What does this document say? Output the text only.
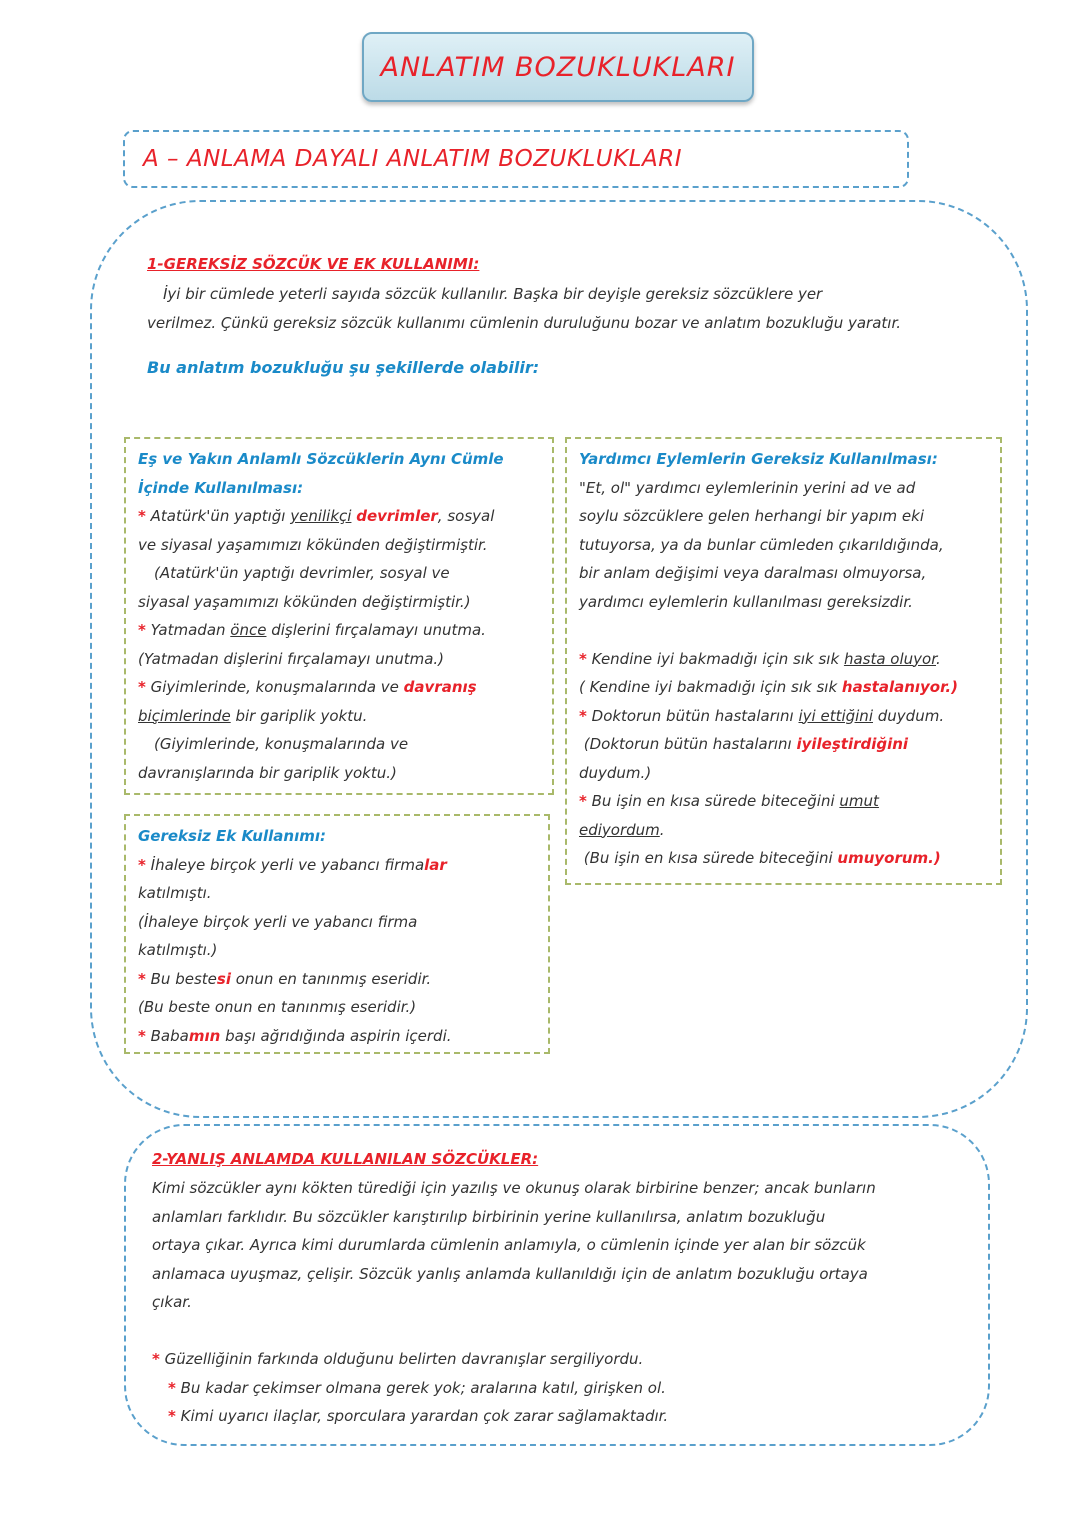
ANLATIM BOZUKLUKLARI
A – ANLAMA DAYALI ANLATIM BOZUKLUKLARI
1-GEREKSİZ SÖZCÜK VE EK KULLANIMI:
İyi bir cümlede yeterli sayıda sözcük kullanılır. Başka bir deyişle gereksiz sözcüklere yer
verilmez. Çünkü gereksiz sözcük kullanımı cümlenin duruluğunu bozar ve anlatım bozukluğu yaratır.
Bu anlatım bozukluğu şu şekillerde olabilir:
Eş ve Yakın Anlamlı Sözcüklerin Aynı Cümle
İçinde Kullanılması:
* Atatürk'ün yaptığı yenilikçi devrimler, sosyal
ve siyasal yaşamımızı kökünden değiştirmiştir.
(Atatürk'ün yaptığı devrimler, sosyal ve
siyasal yaşamımızı kökünden değiştirmiştir.)
* Yatmadan önce dişlerini fırçalamayı unutma.
(Yatmadan dişlerini fırçalamayı unutma.)
* Giyimlerinde, konuşmalarında ve davranış
biçimlerinde bir gariplik yoktu.
(Giyimlerinde, konuşmalarında ve
davranışlarında bir gariplik yoktu.)
Gereksiz Ek Kullanımı:
* İhaleye birçok yerli ve yabancı firmalar
katılmıştı.
(İhaleye birçok yerli ve yabancı firma
katılmıştı.)
* Bu bestesi onun en tanınmış eseridir.
(Bu beste onun en tanınmış eseridir.)
* Babamın başı ağrıdığında aspirin içerdi.
Yardımcı Eylemlerin Gereksiz Kullanılması:
"Et, ol" yardımcı eylemlerinin yerini ad ve ad
soylu sözcüklere gelen herhangi bir yapım eki
tutuyorsa, ya da bunlar cümleden çıkarıldığında,
bir anlam değişimi veya daralması olmuyorsa,
yardımcı eylemlerin kullanılması gereksizdir.

* Kendine iyi bakmadığı için sık sık hasta oluyor.
( Kendine iyi bakmadığı için sık sık hastalanıyor.)
* Doktorun bütün hastalarını iyi ettiğini duydum.
(Doktorun bütün hastalarını iyileştirdiğini
duydum.)
* Bu işin en kısa sürede biteceğini umut
ediyordum.
(Bu işin en kısa sürede biteceğini umuyorum.)
2-YANLIŞ ANLAMDA KULLANILAN SÖZCÜKLER:
Kimi sözcükler aynı kökten türediği için yazılış ve okunuş olarak birbirine benzer; ancak bunların
anlamları farklıdır. Bu sözcükler karıştırılıp birbirinin yerine kullanılırsa, anlatım bozukluğu
ortaya çıkar. Ayrıca kimi durumlarda cümlenin anlamıyla, o cümlenin içinde yer alan bir sözcük
anlamaca uyuşmaz, çelişir. Sözcük yanlış anlamda kullanıldığı için de anlatım bozukluğu ortaya
çıkar.

* Güzelliğinin farkında olduğunu belirten davranışlar sergiliyordu.
* Bu kadar çekimser olmana gerek yok; aralarına katıl, girişken ol.
* Kimi uyarıcı ilaçlar, sporculara yarardan çok zarar sağlamaktadır.
